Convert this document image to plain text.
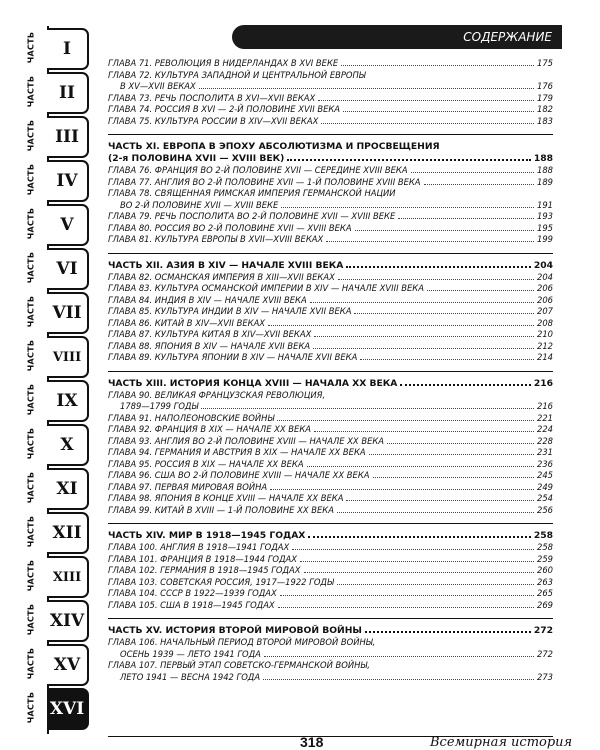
СОДЕРЖАНИЕ
ЧАСТЬ	I
ЧАСТЬ	II
ЧАСТЬ	III
ЧАСТЬ	IV
ЧАСТЬ	V
ЧАСТЬ	VI
ЧАСТЬ VII
ЧАСТЬ	VIII
ЧАСТЬ	IX
ЧАСТЬ	X
ЧАСТЬ	XI
ЧАСТЬ XII
ЧАСТЬ	XIII
ЧАСТЬ XIV
ЧАСТЬ	XV
ЧАСТЬ XVI
ГЛАВА 71. РЕВОЛЮЦИЯ В НИДЕРЛАНДАХ В XVI ВЕКЕ	175
ГЛАВА 72. КУЛЬТУРА ЗАПАДНОЙ И ЦЕНТРАЛЬНОЙ ЕВРОПЫ
В XV—XVII ВЕКАХ	176
ГЛАВА 73. РЕЧЬ ПОСПОЛИТА В XVI—XVII ВЕКАХ	179
ГЛАВА 74. РОССИЯ В XVI — 2-Й ПОЛОВИНЕ XVII ВЕКА	182
ГЛАВА 75. КУЛЬТУРА РОССИИ В XIV—XVII ВЕКАХ	183
ЧАСТЬ XI. ЕВРОПА В ЭПОХУ АБСОЛЮТИЗМА И ПРОСВЕЩЕНИЯ
(2-я ПОЛОВИНА XVII — XVIII ВЕК)	188
ГЛАВА 76. ФРАНЦИЯ ВО 2-Й ПОЛОВИНЕ XVII — СЕРЕДИНЕ XVIII ВЕКА	188
ГЛАВА 77. АНГЛИЯ ВО 2-Й ПОЛОВИНЕ XVII — 1-Й ПОЛОВИНЕ XVIII ВЕКА	189
ГЛАВА 78. СВЯЩЕННАЯ РИМСКАЯ ИМПЕРИЯ ГЕРМАНСКОЙ НАЦИИ
ВО 2-Й ПОЛОВИНЕ XVII — XVIII ВЕКЕ	191
ГЛАВА 79. РЕЧЬ ПОСПОЛИТА ВО 2-Й ПОЛОВИНЕ XVII — XVIII ВЕКЕ	193
ГЛАВА 80. РОССИЯ ВО 2-Й ПОЛОВИНЕ XVII — XVIII ВЕКА	195
ГЛАВА 81. КУЛЬТУРА ЕВРОПЫ В XVII—XVIII ВЕКАХ	199
ЧАСТЬ XII. АЗИЯ В XIV — НАЧАЛЕ XVIII ВЕКА	204
ГЛАВА 82. ОСМАНСКАЯ ИМПЕРИЯ В XIII—XVII ВЕКАХ	204
ГЛАВА 83. КУЛЬТУРА ОСМАНСКОЙ ИМПЕРИИ В XIV — НАЧАЛЕ XVIII ВЕКА	206
ГЛАВА 84. ИНДИЯ В XIV — НАЧАЛЕ XVIII ВЕКА	206
ГЛАВА 85. КУЛЬТУРА ИНДИИ В XIV — НАЧАЛЕ XVII ВЕКА	207
ГЛАВА 86. КИТАЙ В XIV—XVII ВЕКАХ	208
ГЛАВА 87. КУЛЬТУРА КИТАЯ В XIV—XVII ВЕКАХ	210
ГЛАВА 88. ЯПОНИЯ В XIV — НАЧАЛЕ XVII ВЕКА	212
ГЛАВА 89. КУЛЬТУРА ЯПОНИИ В XIV — НАЧАЛЕ XVII ВЕКА	214
ЧАСТЬ XIII. ИСТОРИЯ КОНЦА XVIII — НАЧАЛА XX ВЕКА	216
ГЛАВА 90. ВЕЛИКАЯ ФРАНЦУЗСКАЯ РЕВОЛЮЦИЯ,
1789—1799 ГОДЫ	216
ГЛАВА 91. НАПОЛЕОНОВСКИЕ ВОЙНЫ	221
ГЛАВА 92. ФРАНЦИЯ В XIX — НАЧАЛЕ XX ВЕКА	224
ГЛАВА 93. АНГЛИЯ ВО 2-Й ПОЛОВИНЕ XVIII — НАЧАЛЕ XX ВЕКА	228
ГЛАВА 94. ГЕРМАНИЯ И АВСТРИЯ В XIX — НАЧАЛЕ XX ВЕКА	231
ГЛАВА 95. РОССИЯ В XIX — НАЧАЛЕ XX ВЕКА	236
ГЛАВА 96. США ВО 2-Й ПОЛОВИНЕ XVIII — НАЧАЛЕ XX ВЕКА	245
ГЛАВА 97. ПЕРВАЯ МИРОВАЯ ВОЙНА	249
ГЛАВА 98. ЯПОНИЯ В КОНЦЕ XVIII — НАЧАЛЕ XX ВЕКА	254
ГЛАВА 99. КИТАЙ В XVIII — 1-Й ПОЛОВИНЕ XX ВЕКА	256
ЧАСТЬ XIV. МИР В 1918—1945 ГОДАХ	258
ГЛАВА 100. АНГЛИЯ В 1918—1941 ГОДАХ	258
ГЛАВА 101. ФРАНЦИЯ В 1918—1944 ГОДАХ	259
ГЛАВА 102. ГЕРМАНИЯ В 1918—1945 ГОДАХ	260
ГЛАВА 103. СОВЕТСКАЯ РОССИЯ, 1917—1922 ГОДЫ	263
ГЛАВА 104. СССР В 1922—1939 ГОДАХ	265
ГЛАВА 105. США В 1918—1945 ГОДАХ	269
ЧАСТЬ XV. ИСТОРИЯ ВТОРОЙ МИРОВОЙ ВОЙНЫ	272
ГЛАВА 106. НАЧАЛЬНЫЙ ПЕРИОД ВТОРОЙ МИРОВОЙ ВОЙНЫ,
ОСЕНЬ 1939 — ЛЕТО 1941 ГОДА	272
ГЛАВА 107. ПЕРВЫЙ ЭТАП СОВЕТСКО-ГЕРМАНСКОЙ ВОЙНЫ,
ЛЕТО 1941 — ВЕСНА 1942 ГОДА	273
318	Всемирная история
